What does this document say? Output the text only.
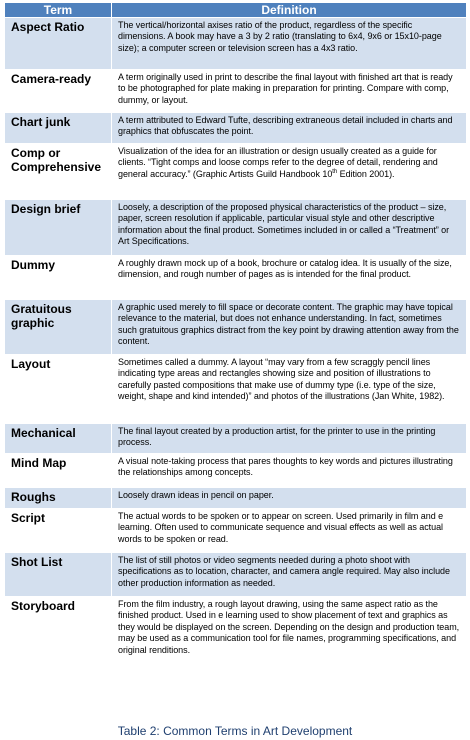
Term	Definition
Aspect Ratio	The vertical/horizontal axises ratio of the product, regardless of the specific dimensions. A book may have a 3 by 2 ratio (translating to 6x4, 9x6 or 15x10-page size); a computer screen or television screen has a 4x3 ratio.
Camera-ready	A term originally used in print to describe the final layout with finished art that is ready to be photographed for plate making in preparation for printing. Compare with comp, dummy, or layout.
Chart junk	A term attributed to Edward Tufte, describing extraneous detail included in charts and graphics that obfuscates the point.
Comp or Comprehensive	Visualization of the idea for an illustration or design usually created as a guide for clients. “Tight comps and loose comps refer to the degree of detail, rendering and general accuracy.” (Graphic Artists Guild Handbook 10th Edition 2001).
Design brief	Loosely, a description of the proposed physical characteristics of the product – size, paper, screen resolution if applicable, particular visual style and other descriptive information about the final product. Sometimes included in or called a “Treatment” or Art Specifications.
Dummy	A roughly drawn mock up of a book, brochure or catalog idea. It is usually of the size, dimension, and rough number of pages as is intended for the final product.
Gratuitous graphic	A graphic used merely to fill space or decorate content. The graphic may have topical relevance to the material, but does not enhance understanding. In fact, sometimes such gratuitous graphics distract from the key point by drawing attention away from the content.
Layout	Sometimes called a dummy. A layout “may vary from a few scraggly pencil lines indicating type areas and rectangles showing size and position of illustrations to carefully pasted compositions that make use of dummy type (i.e. type of the size, weight, shape and kind intended)” and photos of the illustrations (Jan White, 1982).
Mechanical	The final layout created by a production artist, for the printer to use in the printing process.
Mind Map	A visual note-taking process that pares thoughts to key words and pictures illustrating the relationships among concepts.
Roughs	Loosely drawn ideas in pencil on paper.
Script	The actual words to be spoken or to appear on screen. Used primarily in film and e learning. Often used to communicate sequence and visual effects as well as actual words to be spoken or read.
Shot List	The list of still photos or video segments needed during a photo shoot with specifications as to location, character, and camera angle required. May also include other production information as needed.
Storyboard	From the film industry, a rough layout drawing, using the same aspect ratio as the finished product. Used in e learning used to show placement of text and graphics as they would be displayed on the screen. Depending on the design and production team, may be used as a communication tool for file names, programming specifications, and original renditions.
Table 2: Common Terms in Art Development
